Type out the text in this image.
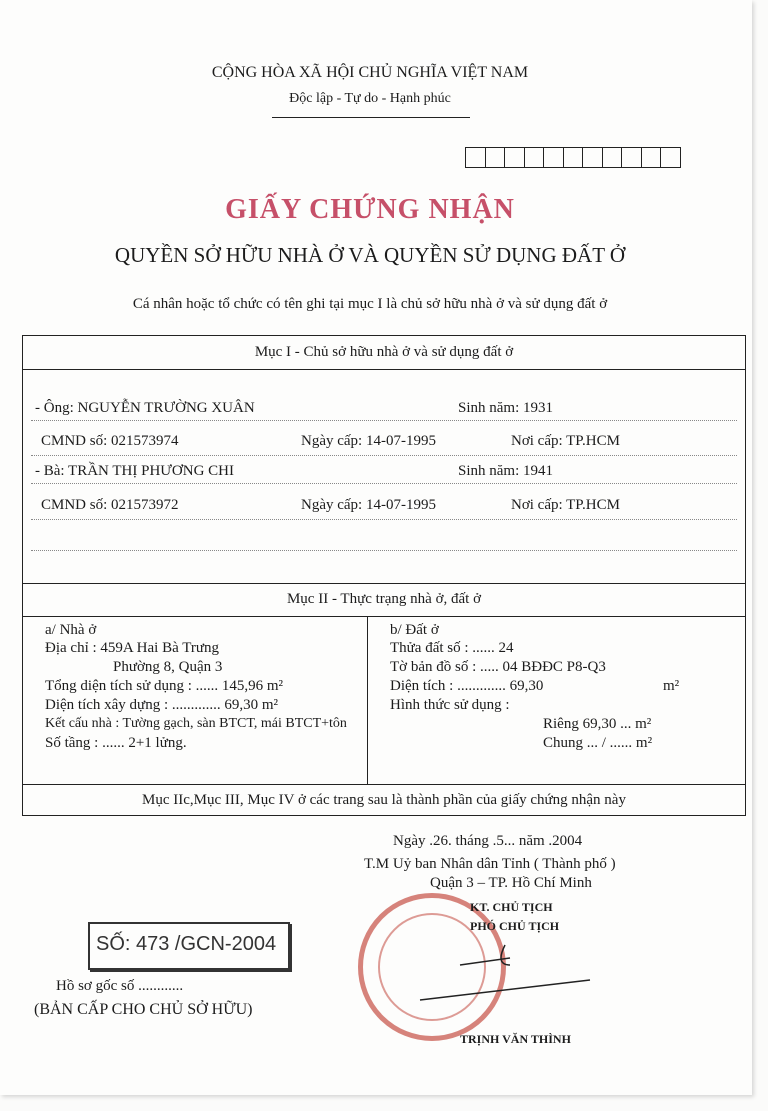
CỘNG HÒA XÃ HỘI CHỦ NGHĨA VIỆT NAM
Độc lập - Tự do - Hạnh phúc
GIẤY CHỨNG NHẬN
QUYỀN SỞ HỮU NHÀ Ở VÀ QUYỀN SỬ DỤNG ĐẤT Ở
Cá nhân hoặc tổ chức có tên ghi tại mục I là chủ sở hữu nhà ở và sử dụng đất ở
Mục I - Chủ sở hữu nhà ở và sử dụng đất ở
- Ông: NGUYỄN TRƯỜNG XUÂN	Sinh năm: 1931
CMND số: 021573974	Ngày cấp: 14-07-1995	Nơi cấp: TP.HCM
- Bà: TRẦN THỊ PHƯƠNG CHI	Sinh năm: 1941
CMND số: 021573972	Ngày cấp: 14-07-1995	Nơi cấp: TP.HCM
Mục II - Thực trạng nhà ở, đất ở
Mục IIc,Mục III, Mục IV ở các trang sau là thành phần của giấy chứng nhận này
a/ Nhà ở
Địa chỉ : 459A Hai Bà Trưng
Phường 8, Quận 3
Tổng diện tích sử dụng : ...... 145,96 m²
Diện tích xây dựng : ............. 69,30 m²
Kết cấu nhà : Tường gạch, sàn BTCT, mái BTCT+tôn
Số tầng : ...... 2+1 lửng.
b/ Đất ở
Thửa đất số : ...... 24
Tờ bản đồ số : ..... 04 BĐĐC P8-Q3
Diện tích : ............. 69,30	m²
Hình thức sử dụng :
Riêng 69,30 ... m²
Chung ... / ...... m²
Ngày .26. tháng .5... năm .2004
T.M Uỷ ban Nhân dân Tỉnh ( Thành phố )
Quận 3 – TP. Hồ Chí Minh
KT. CHỦ TỊCH
PHÓ CHỦ TỊCH
TRỊNH VĂN THÌNH
SỐ: 473 /GCN-2004
Hồ sơ gốc số ............
(BẢN CẤP CHO CHỦ SỞ HỮU)
